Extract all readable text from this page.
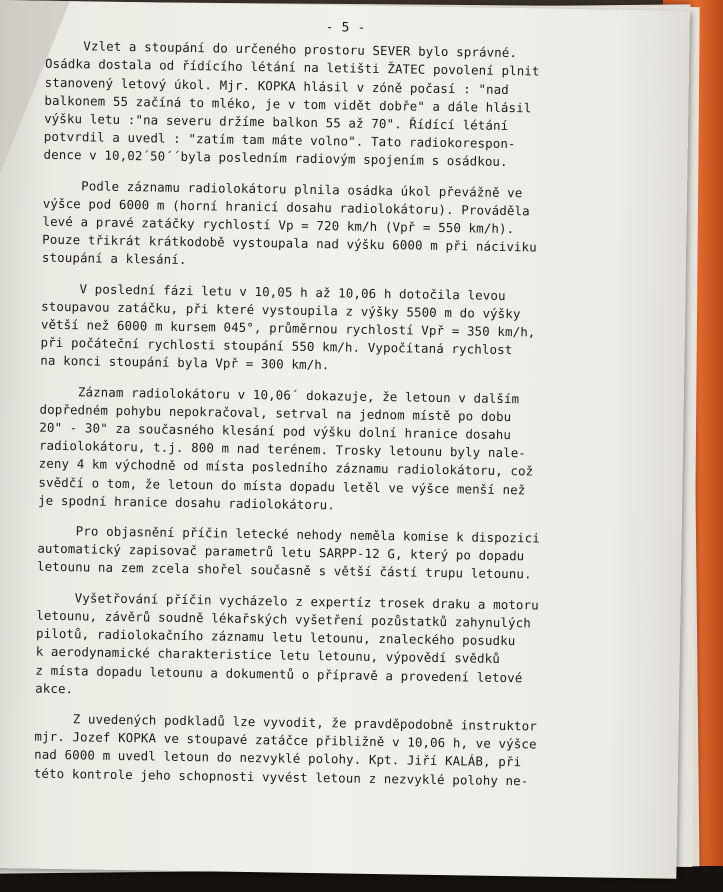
- 5 -

Vzlet a stoupání do určeného prostoru SEVER bylo správné.
Osádka dostala od řídícího létání na letišti ŽATEC povolení plnit
stanovený letový úkol. Mjr. KOPKA hlásil v zóně počasí : "nad
balkonem 55 začíná to mléko, je v tom vidět dobře" a dále hlásil
výšku letu :"na severu držíme balkon 55 až 70". Řídící létání
potvrdil a uvedl : "zatím tam máte volno". Tato radiokorespon-
dence v 10,02´50´´byla posledním radiovým spojením s osádkou.

Podle záznamu radiolokátoru plnila osádka úkol převážně ve
výšce pod 6000 m (horní hranicí dosahu radiolokátoru). Prováděla
levé a pravé zatáčky rychlostí Vp = 720 km/h (Vpř = 550 km/h).
Pouze třikrát krátkodobě vystoupala nad výšku 6000 m při náciviku
stoupání a klesání.

V poslední fázi letu v 10,05 h až 10,06 h dotočila levou
stoupavou zatáčku, při které vystoupila z výšky 5500 m do výšky
větší než 6000 m kursem 045°, průměrnou rychlostí Vpř = 350 km/h,
při počáteční rychlosti stoupání 550 km/h. Vypočítaná rychlost
na konci stoupání byla Vpř = 300 km/h.

Záznam radiolokátoru v 10,06´ dokazuje, že letoun v dalším
dopředném pohybu nepokračoval, setrval na jednom místě po dobu
20" - 30" za současného klesání pod výšku dolní hranice dosahu
radiolokátoru, t.j. 800 m nad terénem. Trosky letounu byly nale-
zeny 4 km východně od místa posledního záznamu radiolokátoru, což
svědčí o tom, že letoun do místa dopadu letěl ve výšce menší než
je spodní hranice dosahu radiolokátoru.

Pro objasnění příčin letecké nehody neměla komise k dispozici
automatický zapisovač parametrů letu SARPP-12 G, který po dopadu
letounu na zem zcela shořel současně s větší částí trupu letounu.

Vyšetřování příčin vycházelo z expertíz trosek draku a motoru
letounu, závěrů soudně lékařských vyšetření pozůstatků zahynulých
pilotů, radiolokačního záznamu letu letounu, znaleckého posudku
k aerodynamické charakteristice letu letounu, výpovědí svědků
z místa dopadu letounu a dokumentů o přípravě a provedení letové
akce.

Z uvedených podkladů lze vyvodit, že pravděpodobně instruktor
mjr. Jozef KOPKA ve stoupavé zatáčce přibližně v 10,06 h, ve výšce
nad 6000 m uvedl letoun do nezvyklé polohy. Kpt. Jiří KALÁB, při
této kontrole jeho schopnosti vyvést letoun z nezvyklé polohy ne-
